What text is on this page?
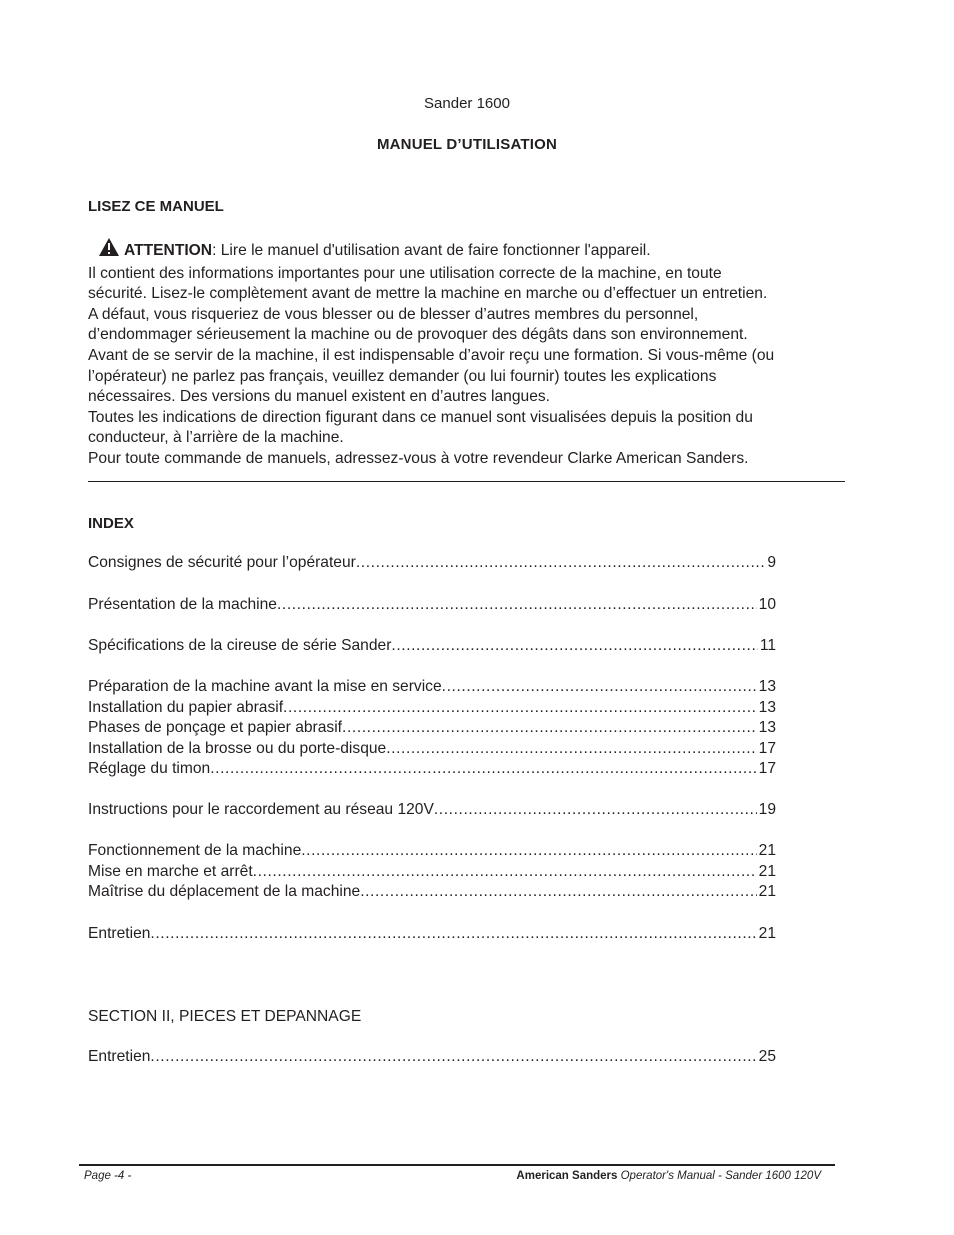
Sander 1600
MANUEL D’UTILISATION
LISEZ CE MANUEL

ATTENTION: Lire le manuel d'utilisation avant de faire fonctionner l'appareil.

Il contient des informations importantes pour une utilisation correcte de la machine, en toute

sécurité. Lisez-le complètement avant de mettre la machine en marche ou d’effectuer un entretien.

A défaut, vous risqueriez de vous blesser ou de blesser d’autres membres du personnel,

d’endommager sérieusement la machine ou de provoquer des dégâts dans son environnement.

Avant de se servir de la machine, il est indispensable d’avoir reçu une formation. Si vous-même (ou

l’opérateur) ne parlez pas français, veuillez demander (ou lui fournir) toutes les explications

nécessaires. Des versions du manuel existent en d’autres langues.

Toutes les indications de direction figurant dans ce manuel sont visualisées depuis la position du

conducteur, à l’arrière de la machine.

Pour toute commande de manuels, adressez-vous à votre revendeur Clarke American Sanders.

INDEX
Consignes de sécurité pour l’opérateur .....	9
Présentation de la machine .....	10
Spécifications de la cireuse de série Sander .....	11
Préparation de la machine avant la mise en service .....	13
Installation du papier abrasif .....	13
Phases de ponçage et papier abrasif .....	13
Installation de la brosse ou du porte-disque .....	17
Réglage du timon .....	17
Instructions pour le raccordement au réseau 120V .....	19
Fonctionnement de la machine .....	21
Mise en marche et arrêt .....	21
Maîtrise du déplacement de la machine .....	21
Entretien .....	21
SECTION II, PIECES ET DEPANNAGE
Entretien .....	25
Page -4 -	American Sanders Operator's Manual - Sander 1600 120V
